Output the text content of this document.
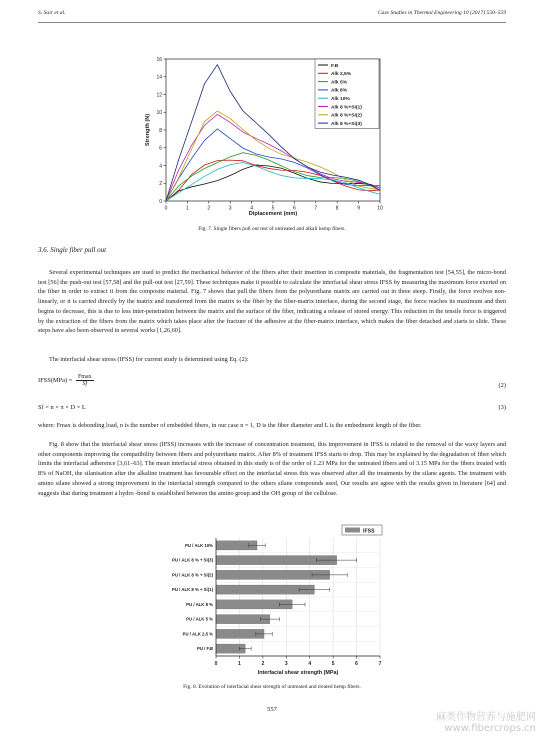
S. Sair et al.	Case Studies in Thermal Engineering 10 (2017) 550–559
0	1	2	3	4	5	6	7	8	9	10
0
2
4
6
8
10
12
14
16
Diplacement (mm)
Strength (N)
F.B
Alk 2,5%
Alk 5%
Alk 8%
Alk 10%
Alk 8 %+Si(1)
Alk 8 %+Si(2)
Alk 8 %+Si(3)
Fig. 7. Single fibers pull out test of untreated and alkali hemp fibers.
3.6. Single fiber pull out

Several experimental techniques are used to predict the mechanical behavior of the fibers after their insertion in composite materials, the fragmentation test [54,55], the micro-bond test [56] the push-out test [57,58] and the pull-out test [27,59]. These techniques make it possible to calculate the interfacial shear stress IFSS by measuring the maximum force exerted on the fiber in order to extract it from the composite material. Fig. 7 shows that pull the fibers from the polyurethane matrix are carried out in three steep. Firstly, the force evolves non-linearly, or it is carried directly by the matrix and transferred from the matrix to the fiber by the fiber-matrix interface, during the second stage, the force reaches its maximum and then begins to decrease, this is due to less inter-penetration between the matrix and the surface of the fiber, indicating a release of stored energy. This reduction in the tensile force is triggered by the extraction of the fibers from the matrix which takes place after the fracture of the adhesive at the fiber-matrix interface, which makes the fiber detached and starts to slide. These steps have also been observed in several works [1,26,60].

The interfacial shear stress (IFSS) for current study is determined using Eq. (2):

IFSS(MPa) = $\frac{Fmax}{Sf}$	(2)
Sf = n × π × D × L	(3)

where: Fmax is debonding load, n is the number of embedded fibers, in our case n = 1, D is the fiber diameter and L is the embedment length of the fiber.

Fig. 8 show that the interfacial shear stress (IFSS) increases with the increase of concentration treatment, this improvement in IFSS is related to the removal of the waxy layers and other components improving the compatibility between fibers and polyurethane matrix. After 8% of treatment IFSS starts to drop. This may be explained by the degradation of fiber which limits the interfacial adherence [3,61–63]. The mean interfacial stress obtained in this study is of the order of 1.23 MPa for the untreated fibers and of 3.15 MPa for the fibers treated with 8% of NaOH, the silanisation after the alkaline treatment has favourable effect on the interfacial stress this was observed after all the treatments by the silane agents. The treatment with amino silane showed a strong improvement in the interfacial strength compared to the others silane compounds used, Our results are agree with the results given in literature [64] and suggests that during treatment a hydro -bond is established between the amino group and the OH group of the cellulose.

0	1	2	3	4	5	6	7
PU / ALK 10%
PU / ALK 8 % + Si(3)
PU / ALK 8 % + Si(2)
PU / ALK 8 % + Si(1)
PU / ALK 8 %
PU / ALK 5 %
PU / ALK 2,5 %
PU / F.B
Interfacial shear strength (MPa)
IFSS
Fig. 8. Evolution of interfacial shear strength of untreated and treated hemp fibers.
557
麻类作物营养与施肥网
www.fibercrops.cn
